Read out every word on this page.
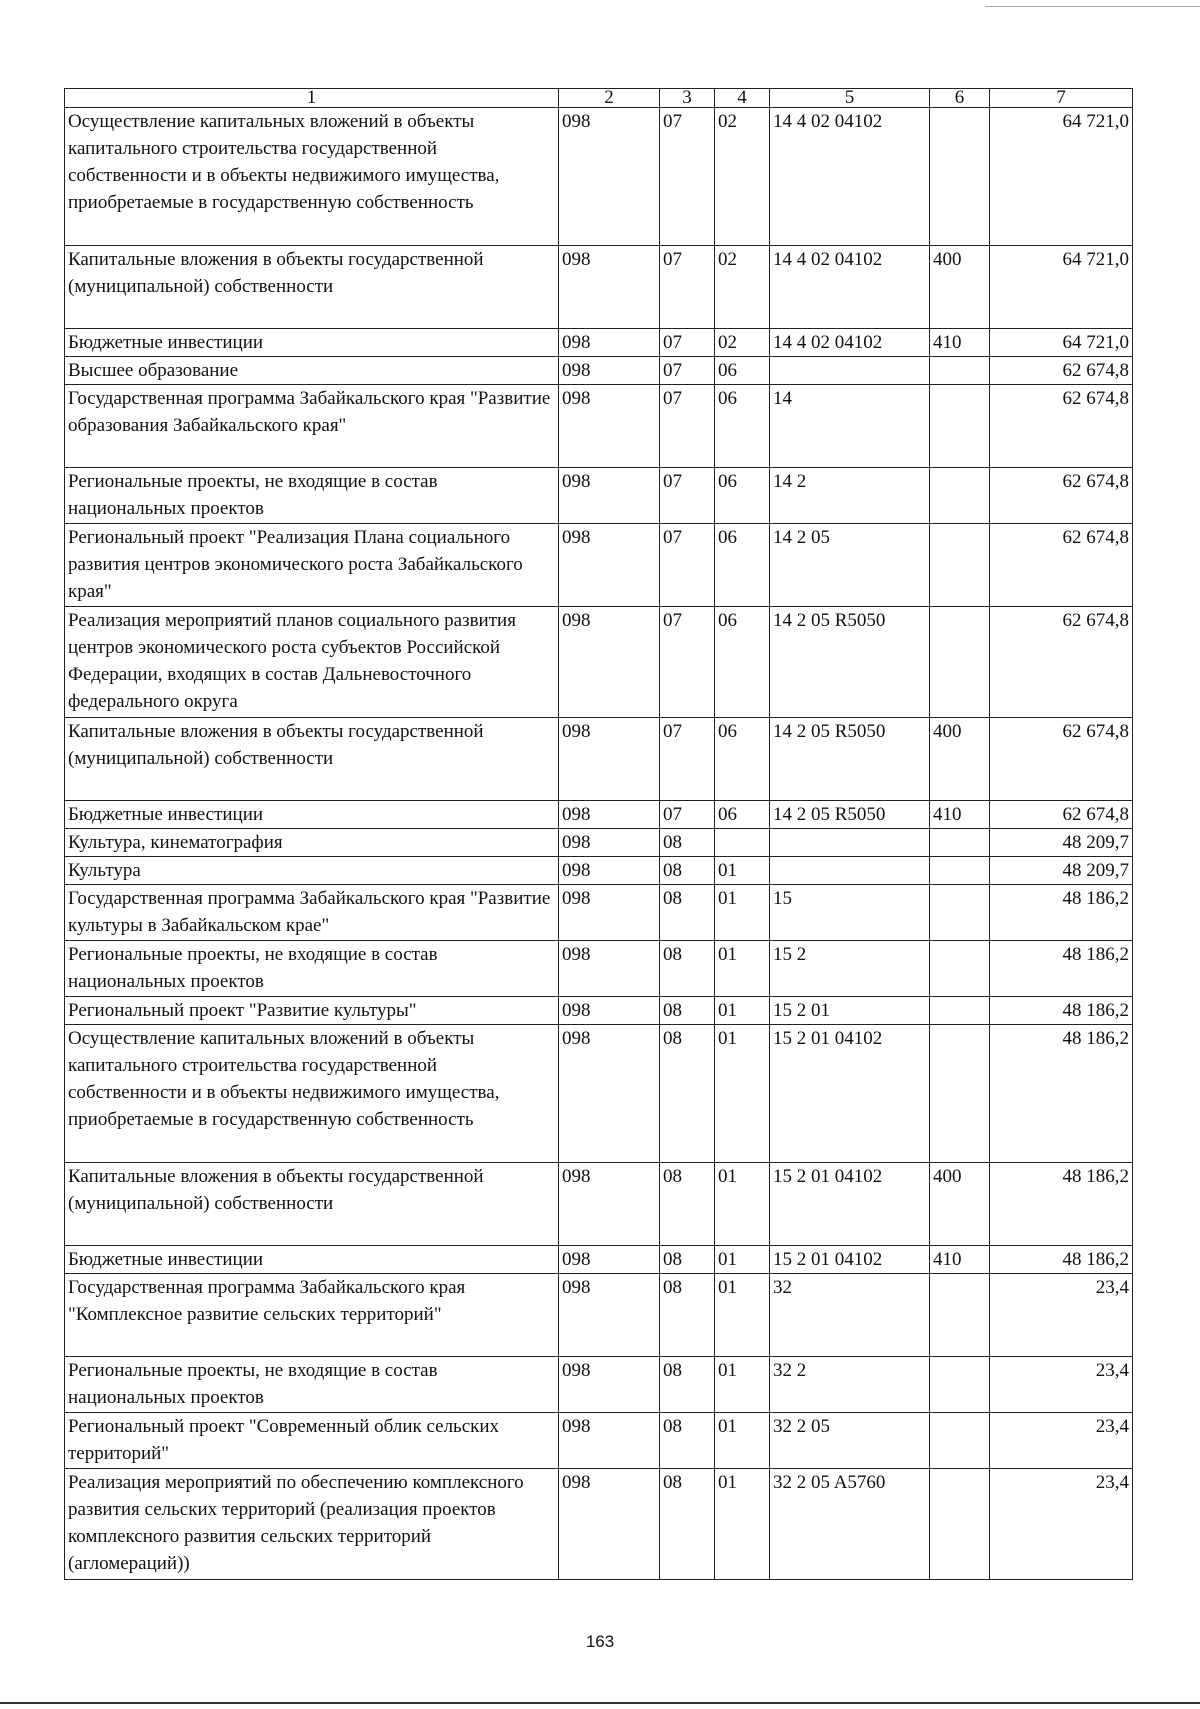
1	2	3	4	5	6	7
Осуществление капитальных вложений в объекты капитального строительства государственной собственности и в объекты недвижимого имущества, приобретаемые в государственную собственность	098	07	02	14 4 02 04102		64 721,0
Капитальные вложения в объекты государственной (муниципальной) собственности	098	07	02	14 4 02 04102	400	64 721,0
Бюджетные инвестиции	098	07	02	14 4 02 04102	410	64 721,0
Высшее образование	098	07	06			62 674,8
Государственная программа Забайкальского края "Развитие образования Забайкальского края"	098	07	06	14		62 674,8
Региональные проекты, не входящие в состав национальных проектов	098	07	06	14 2		62 674,8
Региональный проект "Реализация Плана социального развития центров экономического роста Забайкальского края"	098	07	06	14 2 05		62 674,8
Реализация мероприятий планов социального развития центров экономического роста субъектов Российской Федерации, входящих в состав Дальневосточного федерального округа	098	07	06	14 2 05 R5050		62 674,8
Капитальные вложения в объекты государственной (муниципальной) собственности	098	07	06	14 2 05 R5050	400	62 674,8
Бюджетные инвестиции	098	07	06	14 2 05 R5050	410	62 674,8
Культура, кинематография	098	08				48 209,7
Культура	098	08	01			48 209,7
Государственная программа Забайкальского края "Развитие культуры в Забайкальском крае"	098	08	01	15		48 186,2
Региональные проекты, не входящие в состав национальных проектов	098	08	01	15 2		48 186,2
Региональный проект "Развитие культуры"	098	08	01	15 2 01		48 186,2
Осуществление капитальных вложений в объекты капитального строительства государственной собственности и в объекты недвижимого имущества, приобретаемые в государственную собственность	098	08	01	15 2 01 04102		48 186,2
Капитальные вложения в объекты государственной (муниципальной) собственности	098	08	01	15 2 01 04102	400	48 186,2
Бюджетные инвестиции	098	08	01	15 2 01 04102	410	48 186,2
Государственная программа Забайкальского края "Комплексное развитие сельских территорий"	098	08	01	32		23,4
Региональные проекты, не входящие в состав национальных проектов	098	08	01	32 2		23,4
Региональный проект "Современный облик сельских территорий"	098	08	01	32 2 05		23,4
Реализация мероприятий по обеспечению комплексного развития сельских территорий (реализация проектов комплексного развития сельских территорий (агломераций))	098	08	01	32 2 05 A5760		23,4
163
